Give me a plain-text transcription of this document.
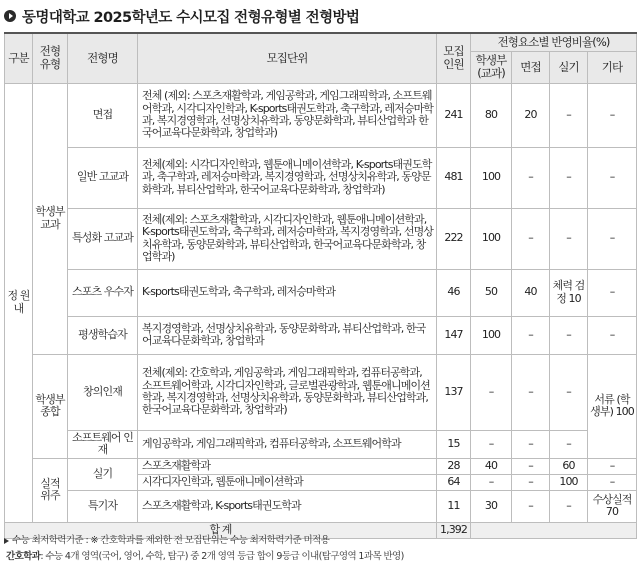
동명대학교 2025학년도 수시모집 전형유형별 전형방법
구분	전형 유형	전형명	모집단위	모집 인원	전형요소별 반영비율(%)			
					학생부 (교과)	면접	실기	기타
정 원 내	학생부 교과	면접	전체 (제외: 스포츠재활학과, 게임공학과, 게임그래픽학과, 소프트웨어학과, 시각디자인학과, K-sports태권도학과, 축구학과, 레저승마학과, 복지경영학과, 선명상치유학과, 동양문화학과, 뷰티산업학과 한국어교육다문화학과, 창업학과)	241	80	20	–	–
		일반 고교과	전체(제외: 시각디자인학과, 웹툰애니메이션학과, K-sports태권도학과, 축구학과, 레저승마학과, 복지경영학과, 선명상치유학과, 동양문화학과, 뷰티산업학과, 한국어교육다문화학과, 창업학과)	481	100	–	–	–
		특성화 고교과	전체(제외: 스포츠재활학과, 시각디자인학과, 웹툰애니메이션학과, K-sports태권도학과, 축구학과, 레저승마학과, 복지경영학과, 선명상치유학과, 동양문화학과, 뷰티산업학과, 한국어교육다문화학과, 창업학과)	222	100	–	–	–
		스포츠 우수자	K-sports태권도학과, 축구학과, 레저승마학과	46	50	40	체력 검정 10	–
		평생학습자	복지경영학과, 선명상치유학과, 동양문화학과, 뷰티산업학과, 한국어교육다문화학과, 창업학과	147	100	–	–	–
	학생부 종합	창의인재	전체(제외: 간호학과, 게임공학과, 게임그래픽학과, 컴퓨터공학과, 소프트웨어학과, 시각디자인학과, 글로벌관광학과, 웹툰애니메이션학과, 복지경영학과, 선명상치유학과, 동양문화학과, 뷰티산업학과, 한국어교육다문화학과, 창업학과)	137	–	–	–	서류 (학생부) 100
		소프트웨어 인재	게임공학과, 게임그래픽학과, 컴퓨터공학과, 소프트웨어학과	15	–	–	–	
	실적 위주	실기	스포츠재활학과	28	40	–	60	–
			시각디자인학과, 웹툰애니메이션학과	64	–	–	100	–
		특기자	스포츠재활학과, K-sports태권도학과	11	30	–	–	수상실적 70
합 계				1,392				
수능 최저학력기준 : ※ 간호학과를 제외한 전 모집단위는 수능 최저학력기준 미적용
간호학과: 수능 4개 영역(국어, 영어, 수학, 탐구) 중 2개 영역 등급 합이 9등급 이내(탐구영역 1과목 반영)
